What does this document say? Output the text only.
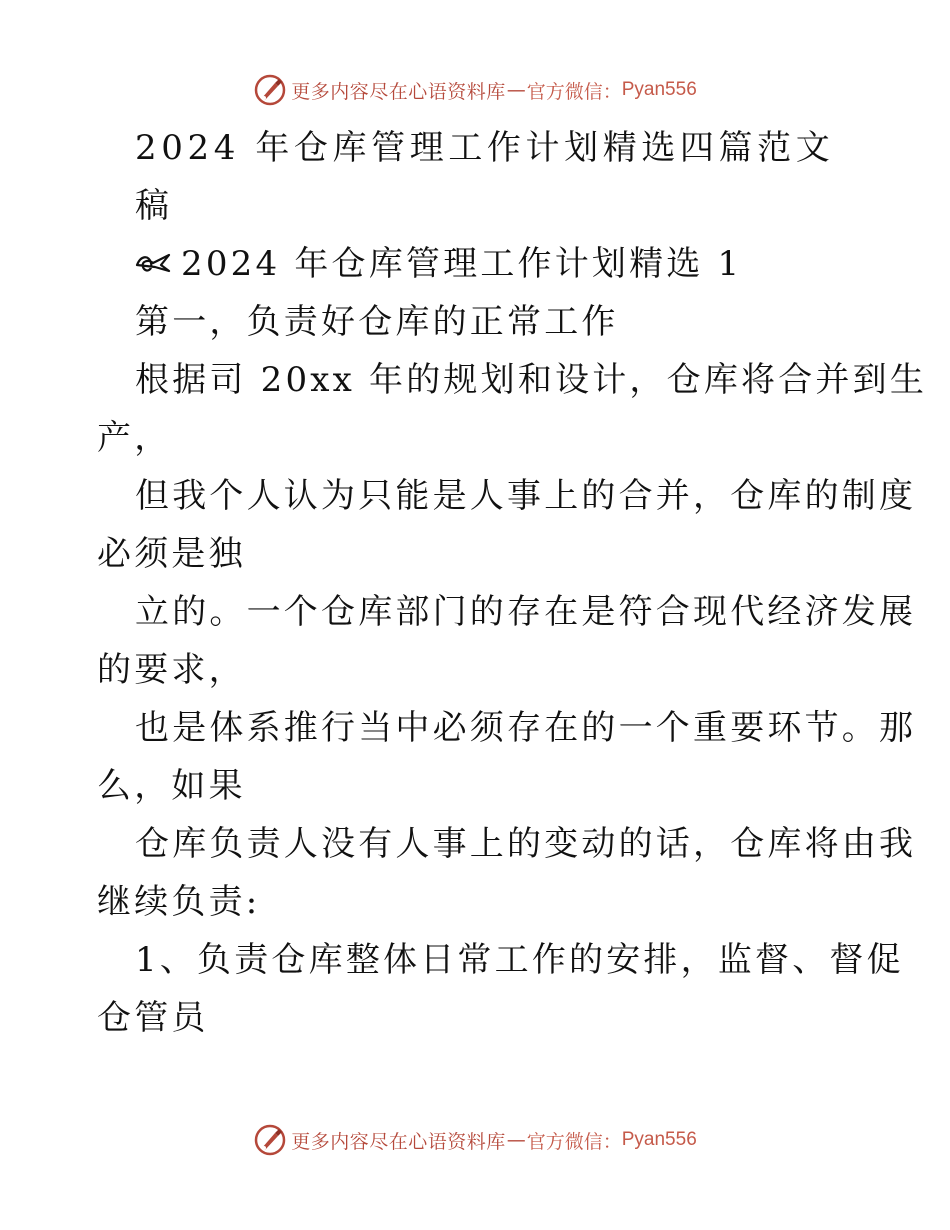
更多内容尽在心语资料库 — 官方微信： Pyan556
2024 年仓库管理工作计划精选四篇范文
稿
2024 年仓库管理工作计划精选 1
第一，负责好仓库的正常工作
根据司 20xx 年的规划和设计，仓库将合并到生
产，
但我个人认为只能是人事上的合并，仓库的制度
必须是独
立的。一个仓库部门的存在是符合现代经济发展
的要求，
也是体系推行当中必须存在的一个重要环节。那
么，如果
仓库负责人没有人事上的变动的话，仓库将由我
继续负责:
1、负责仓库整体日常工作的安排，监督、督促
仓管员
更多内容尽在心语资料库 — 官方微信： Pyan556
